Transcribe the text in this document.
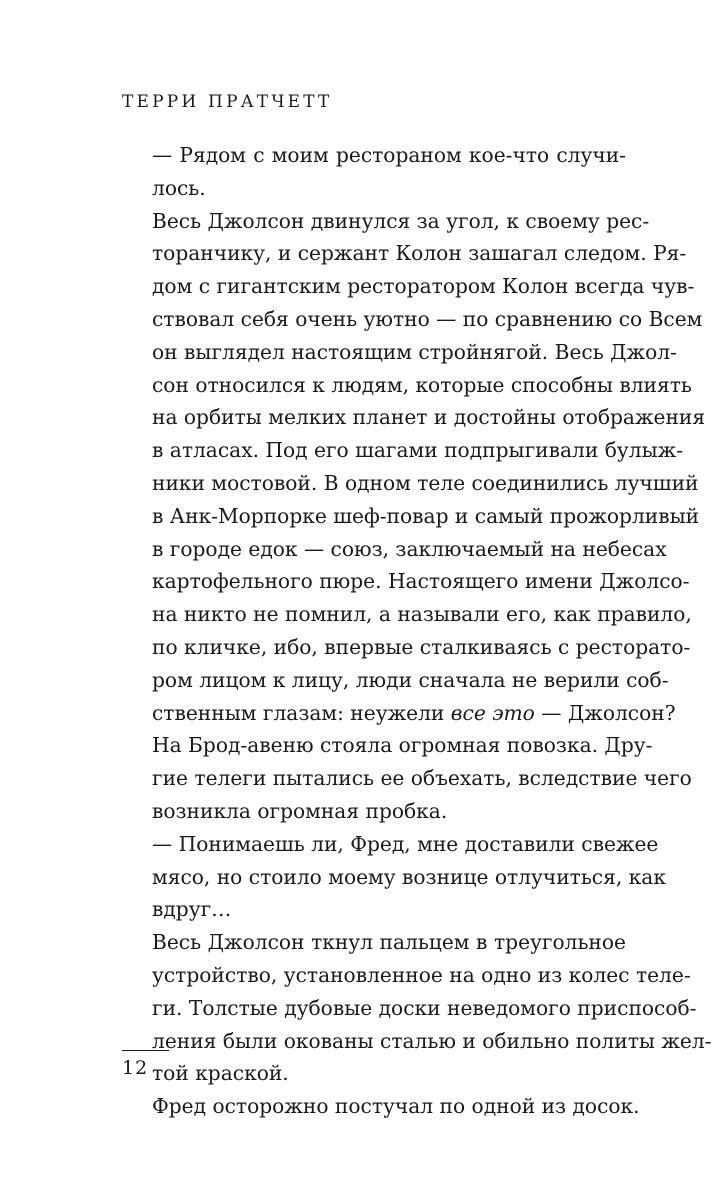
ТЕРРИ ПРАТЧЕТТ
— Рядом с моим рестораном кое-что случи-
лось.
Весь Джолсон двинулся за угол, к своему рес-
торанчику, и сержант Колон зашагал следом. Ря-
дом с гигантским ресторатором Колон всегда чув-
ствовал себя очень уютно — по сравнению со Всем
он выглядел настоящим стройнягой. Весь Джол-
сон относился к людям, которые способны влиять
на орбиты мелких планет и достойны отображения
в атласах. Под его шагами подпрыгивали булыж-
ники мостовой. В одном теле соединились лучший
в Анк-Морпорке шеф-повар и самый прожорливый
в городе едок — союз, заключаемый на небесах
картофельного пюре. Настоящего имени Джолсо-
на никто не помнил, а называли его, как правило,
по кличке, ибо, впервые сталкиваясь с ресторато-
ром лицом к лицу, люди сначала не верили соб-
ственным глазам: неужели все это — Джолсон?
На Брод-авеню стояла огромная повозка. Дру-
гие телеги пытались ее объехать, вследствие чего
возникла огромная пробка.
— Понимаешь ли, Фред, мне доставили свежее
мясо, но стоило моему вознице отлучиться, как
вдруг…
Весь Джолсон ткнул пальцем в треугольное
устройство, установленное на одно из колес теле-
ги. Толстые дубовые доски неведомого приспособ-
ления были окованы сталью и обильно политы жел-
той краской.
Фред осторожно постучал по одной из досок.
12
